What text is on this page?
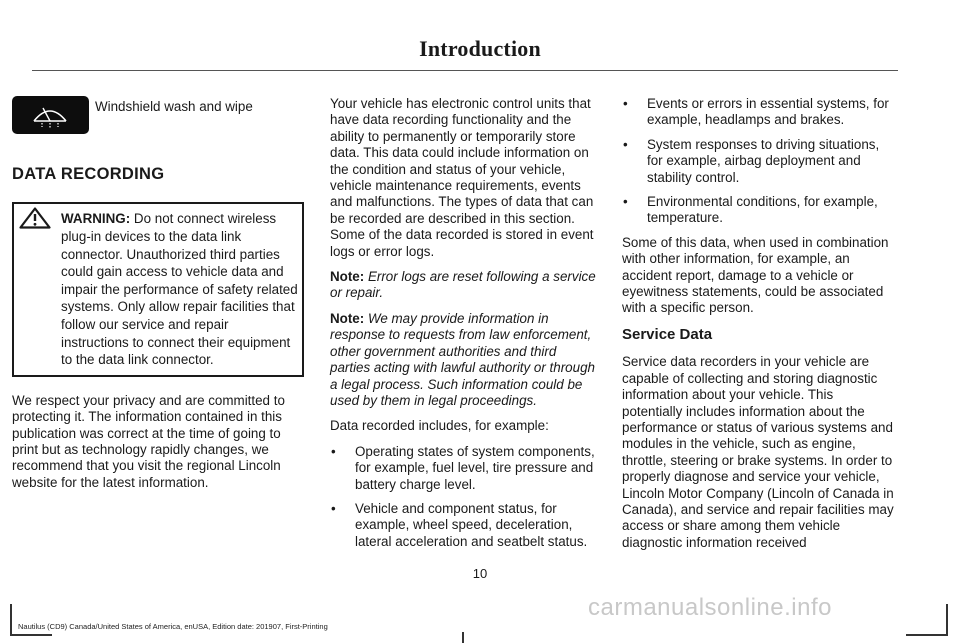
Introduction
Windshield wash and wipe
DATA RECORDING
WARNING: Do not connect wireless plug-in devices to the data link connector. Unauthorized third parties could gain access to vehicle data and impair the performance of safety related systems. Only allow repair facilities that follow our service and repair instructions to connect their equipment to the data link connector.

We respect your privacy and are committed to protecting it. The information contained in this publication was correct at the time of going to print but as technology rapidly changes, we recommend that you visit the regional Lincoln website for the latest information.

Your vehicle has electronic control units that have data recording functionality and the ability to permanently or temporarily store data. This data could include information on the condition and status of your vehicle, vehicle maintenance requirements, events and malfunctions. The types of data that can be recorded are described in this section. Some of the data recorded is stored in event logs or error logs.

Note: Error logs are reset following a service or repair.

Note: We may provide information in response to requests from law enforcement, other government authorities and third parties acting with lawful authority or through a legal process. Such information could be used by them in legal proceedings.

Data recorded includes, for example:

• Operating states of system components, for example, fuel level, tire pressure and battery charge level.
• Vehicle and component status, for example, wheel speed, deceleration, lateral acceleration and seatbelt status.
• Events or errors in essential systems, for example, headlamps and brakes.
• System responses to driving situations, for example, airbag deployment and stability control.
• Environmental conditions, for example, temperature.

Some of this data, when used in combination with other information, for example, an accident report, damage to a vehicle or eyewitness statements, could be associated with a specific person.

Service Data

Service data recorders in your vehicle are capable of collecting and storing diagnostic information about your vehicle. This potentially includes information about the performance or status of various systems and modules in the vehicle, such as engine, throttle, steering or brake systems. In order to properly diagnose and service your vehicle, Lincoln Motor Company (Lincoln of Canada in Canada), and service and repair facilities may access or share among them vehicle diagnostic information received

10
Nautilus (CD9) Canada/United States of America, enUSA, Edition date: 201907, First-Printing
carmanualsonline.info
